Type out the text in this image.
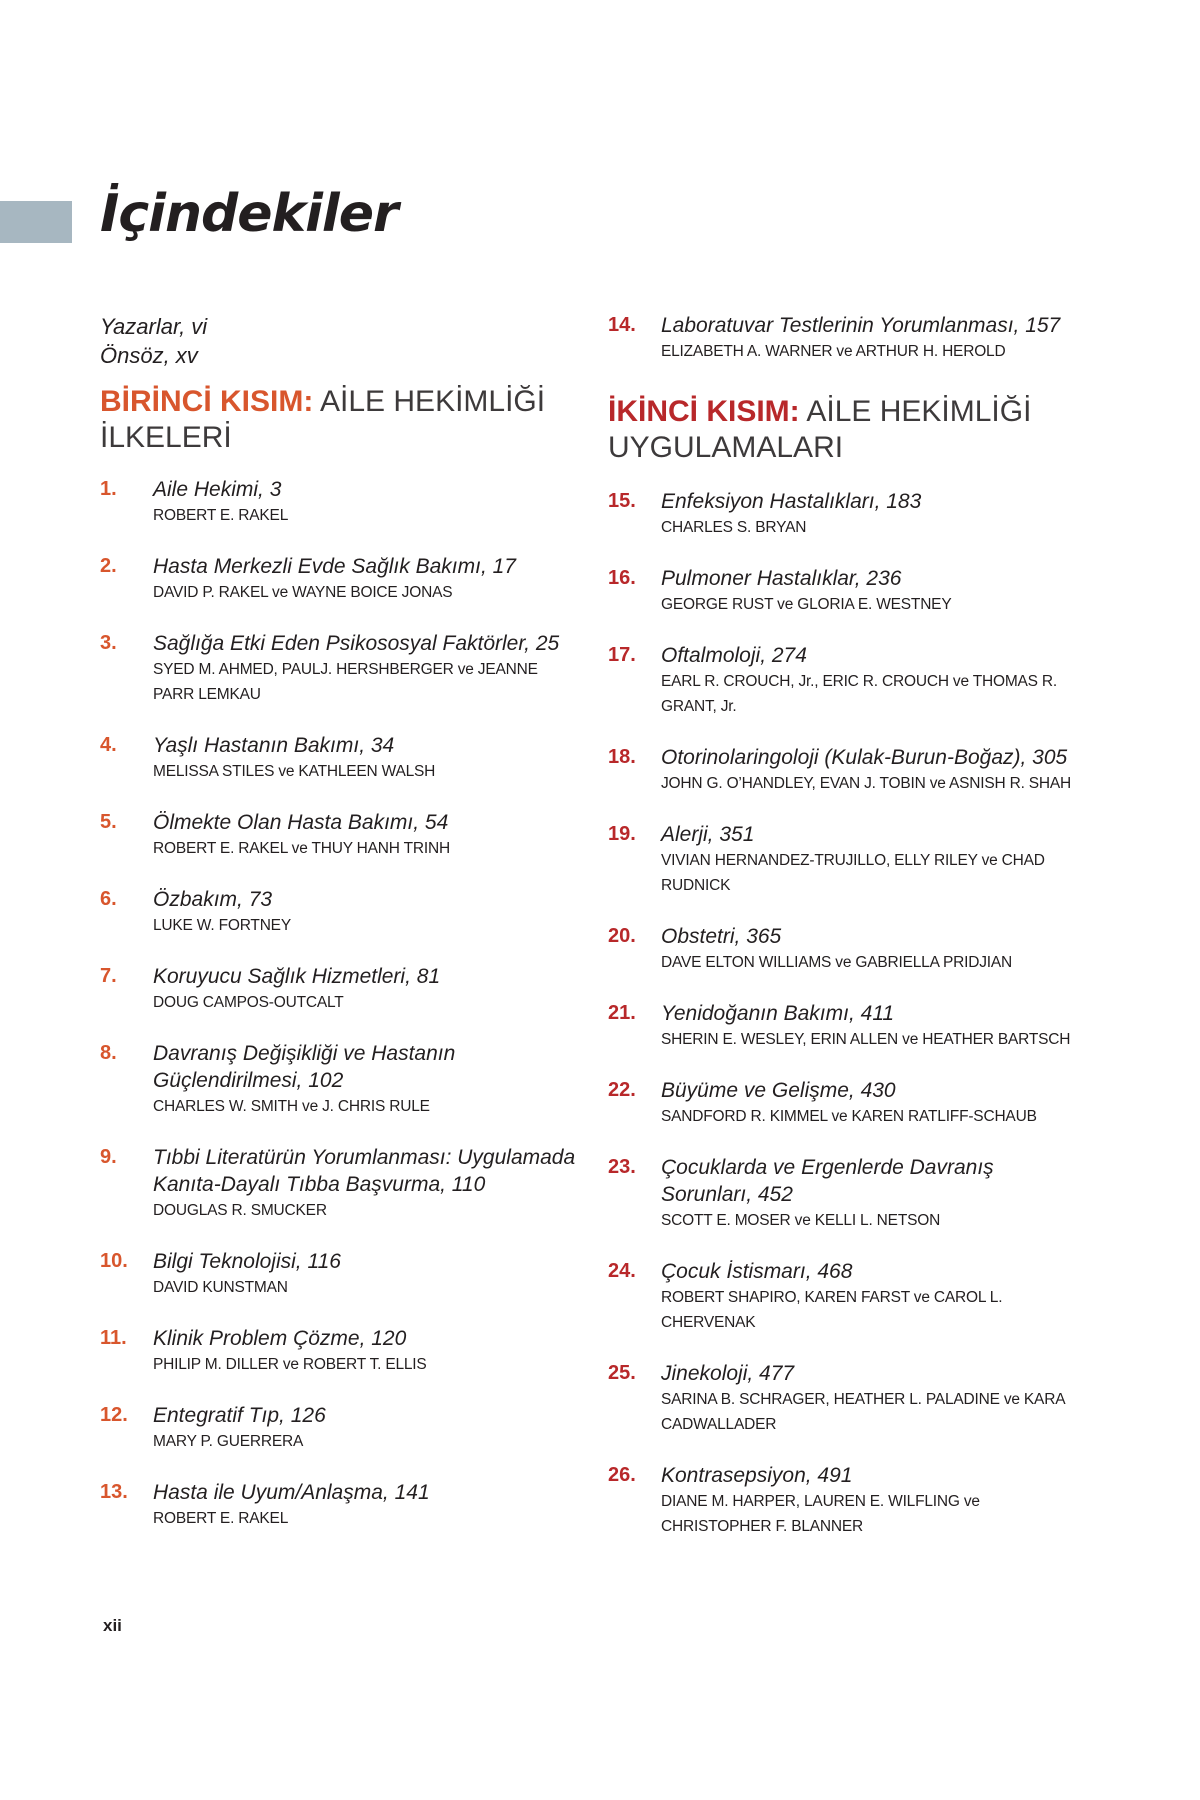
İçindekiler
Yazarlar, vi
Önsöz, xv
BİRİNCİ KISIM: AİLE HEKİMLİĞİ İLKELERİ
1.	Aile Hekimi, 3
ROBERT E. RAKEL
2.	Hasta Merkezli Evde Sağlık Bakımı, 17
DAVID P. RAKEL ve WAYNE BOICE JONAS
3.	Sağlığa Etki Eden Psikososyal Faktörler, 25
SYED M. AHMED, PAULJ. HERSHBERGER ve JEANNE PARR LEMKAU
4.	Yaşlı Hastanın Bakımı, 34
MELISSA STILES ve KATHLEEN WALSH
5.	Ölmekte Olan Hasta Bakımı, 54
ROBERT E. RAKEL ve THUY HANH TRINH
6.	Özbakım, 73
LUKE W. FORTNEY
7.	Koruyucu Sağlık Hizmetleri, 81
DOUG CAMPOS-OUTCALT
8.	Davranış Değişikliği ve Hastanın Güçlendirilmesi, 102
CHARLES W. SMITH ve J. CHRIS RULE
9.	Tıbbi Literatürün Yorumlanması: Uygulamada Kanıta-Dayalı Tıbba Başvurma, 110
DOUGLAS R. SMUCKER
10.	Bilgi Teknolojisi, 116
DAVID KUNSTMAN
11.	Klinik Problem Çözme, 120
PHILIP M. DILLER ve ROBERT T. ELLIS
12.	Entegratif Tıp, 126
MARY P. GUERRERA
13.	Hasta ile Uyum/Anlaşma, 141
ROBERT E. RAKEL
14.	Laboratuvar Testlerinin Yorumlanması, 157
ELIZABETH A. WARNER ve ARTHUR H. HEROLD
İKİNCİ KISIM: AİLE HEKİMLİĞİ UYGULAMALARI
15.	Enfeksiyon Hastalıkları, 183
CHARLES S. BRYAN
16.	Pulmoner Hastalıklar, 236
GEORGE RUST ve GLORIA E. WESTNEY
17.	Oftalmoloji, 274
EARL R. CROUCH, Jr., ERIC R. CROUCH ve THOMAS R. GRANT, Jr.
18.	Otorinolaringoloji (Kulak-Burun-Boğaz), 305
JOHN G. O’HANDLEY, EVAN J. TOBIN ve ASNISH R. SHAH
19.	Alerji, 351
VIVIAN HERNANDEZ-TRUJILLO, ELLY RILEY ve CHAD RUDNICK
20.	Obstetri, 365
DAVE ELTON WILLIAMS ve GABRIELLA PRIDJIAN
21.	Yenidoğanın Bakımı, 411
SHERIN E. WESLEY, ERIN ALLEN ve HEATHER BARTSCH
22.	Büyüme ve Gelişme, 430
SANDFORD R. KIMMEL ve KAREN RATLIFF-SCHAUB
23.	Çocuklarda ve Ergenlerde Davranış Sorunları, 452
SCOTT E. MOSER ve KELLI L. NETSON
24.	Çocuk İstismarı, 468
ROBERT SHAPIRO, KAREN FARST ve CAROL L. CHERVENAK
25.	Jinekoloji, 477
SARINA B. SCHRAGER, HEATHER L. PALADINE ve KARA CADWALLADER
26.	Kontrasepsiyon, 491
DIANE M. HARPER, LAUREN E. WILFLING ve CHRISTOPHER F. BLANNER
xii
